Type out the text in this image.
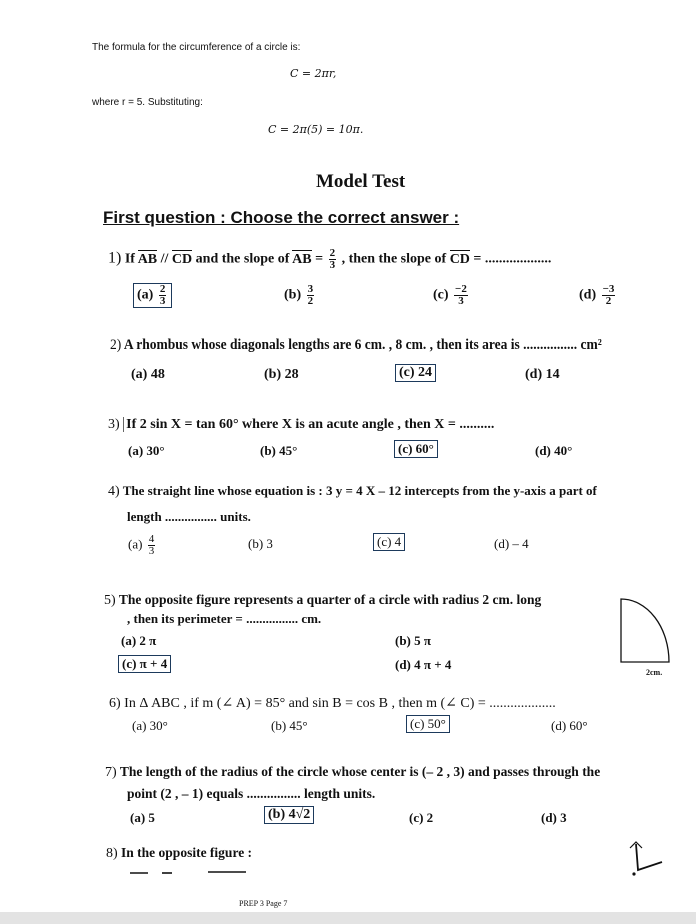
The formula for the circumference of a circle is:
C = 2πr,
where r = 5. Substituting:
C = 2π(5) = 10π.
Model Test
First question : Choose the correct answer :
1) If AB // CD and the slope of AB = $\frac{2}{3}$ , then the slope of CD = ...................
$(a) \frac{2}{3}$	$(b) \frac{3}{2}$	$(c) \frac{-2}{3}$	$(d) \frac{-3}{2}$
2) A rhombus whose diagonals lengths are 6 cm. , 8 cm. , then its area is ................ cm²
(a) 48	(b) 28	(c) 24	(d) 14
3) If 2 sin X = tan 60° where X is an acute angle , then X = ..........
(a) 30°	(b) 45°	(c) 60°	(d) 40°
4) The straight line whose equation is : 3 y = 4 X – 12 intercepts from the y-axis a part of
length ................ units.
$(a) \frac{4}{3}$	(b) 3	(c) 4	(d) – 4
5) The opposite figure represents a quarter of a circle with radius 2 cm. long
, then its perimeter = ................ cm.
(a) 2 π
(c) π + 4
(b) 5 π
(d) 4 π + 4
2cm.
6) In Δ ABC , if m (∠ A) = 85° and sin B = cos B , then m (∠ C) = ...................
(a) 30°	(b) 45°	(c) 50°	(d) 60°
7) The length of the radius of the circle whose center is (– 2 , 3) and passes through the
point (2 , – 1) equals ................ length units.
(a) 5	(b) 4√2	(c) 2	(d) 3
8) In the opposite figure :
PREP 3 Page 7
